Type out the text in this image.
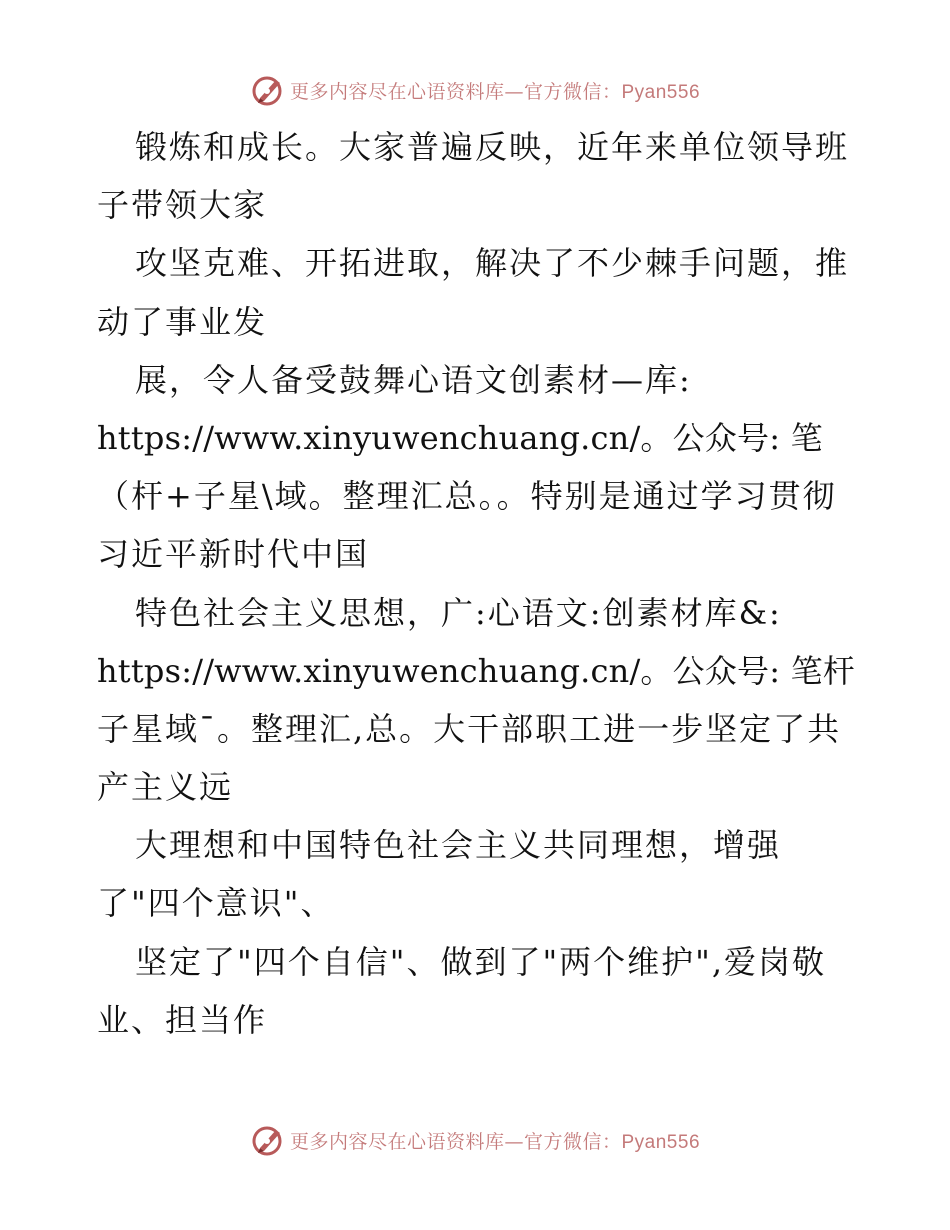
更多内容尽在心语资料库—官方微信：Pyan556
锻炼和成长。大家普遍反映，近年来单位领导班
子带领大家
攻坚克难、开拓进取，解决了不少棘手问题，推
动了事业发
展，令人备受鼓舞心语文创素材—库:
https://www.xinyuwenchuang.cn/。公众号: 笔
（杆+子星\域。整理汇总。。特别是通过学习贯彻
习近平新时代中国
特色社会主义思想，广:心语文:创素材库&:
https://www.xinyuwenchuang.cn/。公众号: 笔杆
子星域¯。整理汇,总。大干部职工进一步坚定了共
产主义远
大理想和中国特色社会主义共同理想，增强
了"四个意识"、
坚定了"四个自信"、做到了"两个维护",爱岗敬
业、担当作
更多内容尽在心语资料库—官方微信：Pyan556
